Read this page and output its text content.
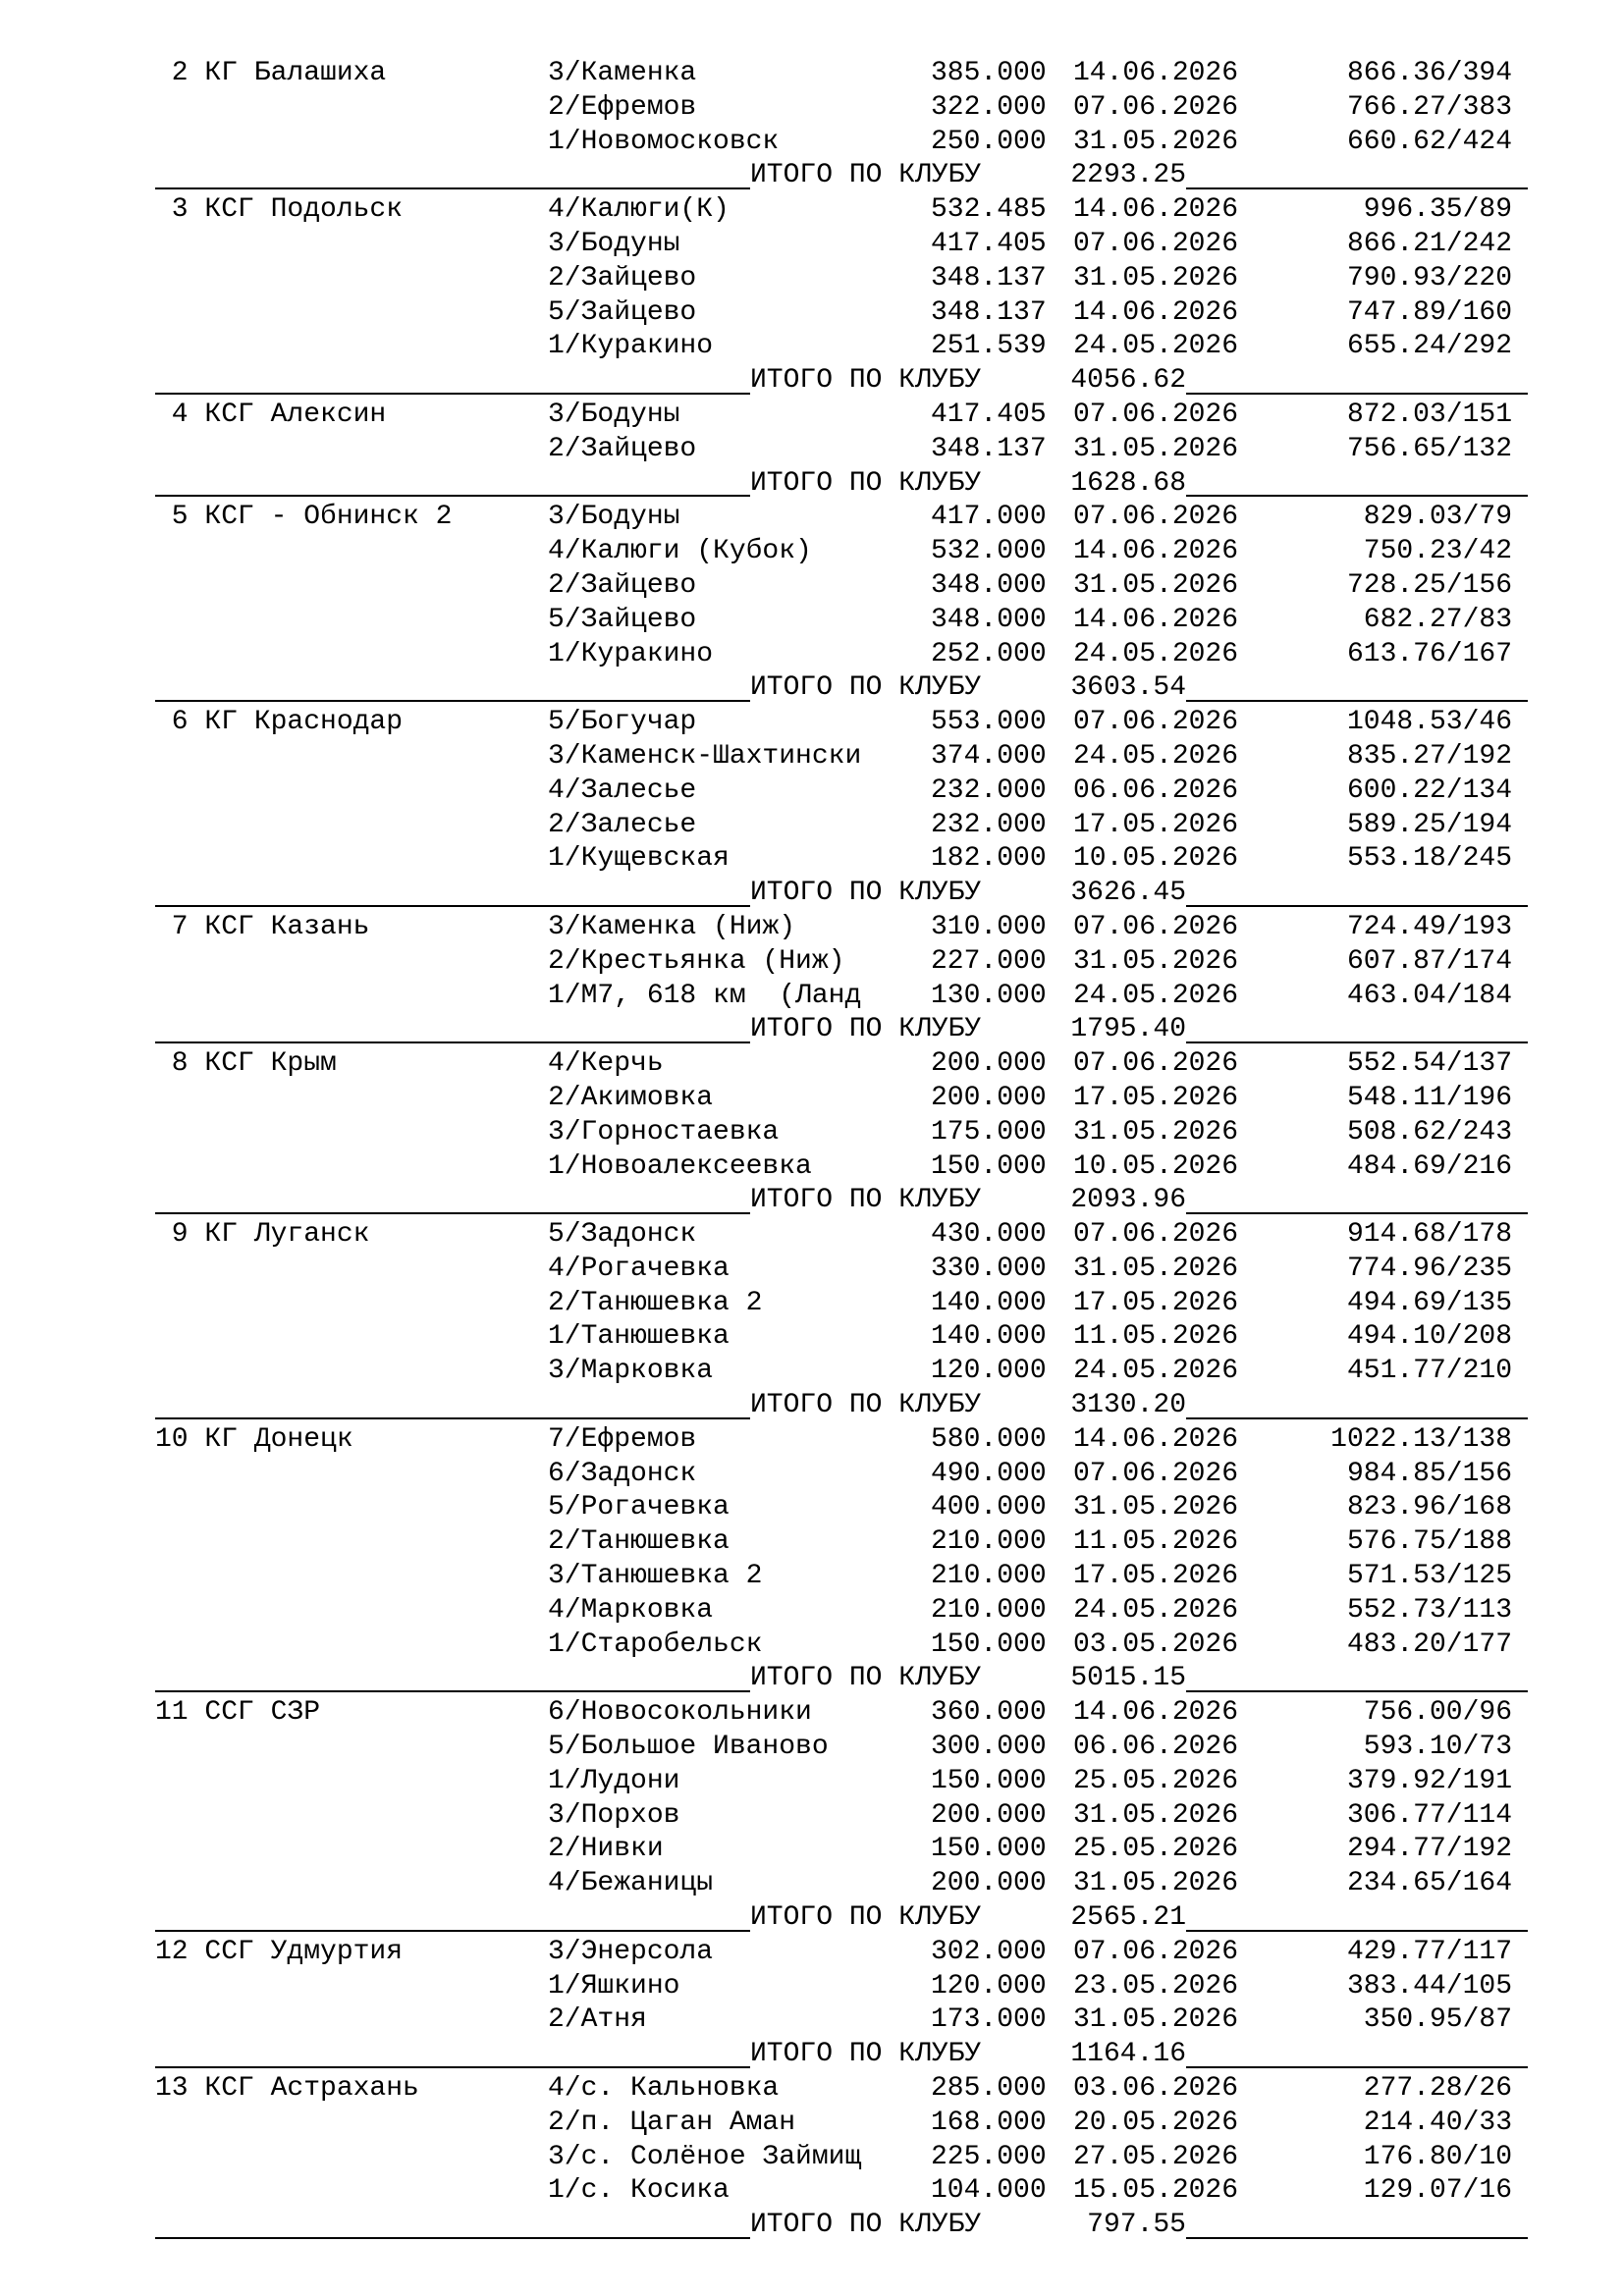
2 КГ Балашиха	3/Каменка	385.000 14.06.2026	866.36/394
2/Ефремов	322.000 07.06.2026	766.27/383
1/Новомосковск	250.000 31.05.2026	660.62/424
ИТОГО ПО КЛУБУ	2293.25
3 КСГ Подольск	4/Калюги(К)	532.485 14.06.2026	996.35/89
3/Бодуны	417.405 07.06.2026	866.21/242
2/Зайцево	348.137 31.05.2026	790.93/220
5/Зайцево	348.137 14.06.2026	747.89/160
1/Куракино	251.539 24.05.2026	655.24/292
ИТОГО ПО КЛУБУ	4056.62
4 КСГ Алексин	3/Бодуны	417.405 07.06.2026	872.03/151
2/Зайцево	348.137 31.05.2026	756.65/132
ИТОГО ПО КЛУБУ	1628.68
5 КСГ - Обнинск 2	3/Бодуны	417.000 07.06.2026	829.03/79
4/Калюги (Кубок)	532.000 14.06.2026	750.23/42
2/Зайцево	348.000 31.05.2026	728.25/156
5/Зайцево	348.000 14.06.2026	682.27/83
1/Куракино	252.000 24.05.2026	613.76/167
ИТОГО ПО КЛУБУ	3603.54
6 КГ Краснодар	5/Богучар	553.000 07.06.2026	1048.53/46
3/Каменск-Шахтински	374.000 24.05.2026	835.27/192
4/Залесье	232.000 06.06.2026	600.22/134
2/Залесье	232.000 17.05.2026	589.25/194
1/Кущевская	182.000 10.05.2026	553.18/245
ИТОГО ПО КЛУБУ	3626.45
7 КСГ Казань	3/Каменка (Ниж)	310.000 07.06.2026	724.49/193
2/Крестьянка (Ниж)	227.000 31.05.2026	607.87/174
1/М7, 618 км  (Ланд	130.000 24.05.2026	463.04/184
ИТОГО ПО КЛУБУ	1795.40
8 КСГ Крым	4/Керчь	200.000 07.06.2026	552.54/137
2/Акимовка	200.000 17.05.2026	548.11/196
3/Горностаевка	175.000 31.05.2026	508.62/243
1/Новоалексеевка	150.000 10.05.2026	484.69/216
ИТОГО ПО КЛУБУ	2093.96
9 КГ Луганск	5/Задонск	430.000 07.06.2026	914.68/178
4/Рогачевка	330.000 31.05.2026	774.96/235
2/Танюшевка 2	140.000 17.05.2026	494.69/135
1/Танюшевка	140.000 11.05.2026	494.10/208
3/Марковка	120.000 24.05.2026	451.77/210
ИТОГО ПО КЛУБУ	3130.20
10 КГ Донецк	7/Ефремов	580.000 14.06.2026	1022.13/138
6/Задонск	490.000 07.06.2026	984.85/156
5/Рогачевка	400.000 31.05.2026	823.96/168
2/Танюшевка	210.000 11.05.2026	576.75/188
3/Танюшевка 2	210.000 17.05.2026	571.53/125
4/Марковка	210.000 24.05.2026	552.73/113
1/Старобельск	150.000 03.05.2026	483.20/177
ИТОГО ПО КЛУБУ	5015.15
11 ССГ СЗР	6/Новосокольники	360.000 14.06.2026	756.00/96
5/Большое Иваново	300.000 06.06.2026	593.10/73
1/Лудони	150.000 25.05.2026	379.92/191
3/Порхов	200.000 31.05.2026	306.77/114
2/Нивки	150.000 25.05.2026	294.77/192
4/Бежаницы	200.000 31.05.2026	234.65/164
ИТОГО ПО КЛУБУ	2565.21
12 ССГ Удмуртия	3/Энерсола	302.000 07.06.2026	429.77/117
1/Яшкино	120.000 23.05.2026	383.44/105
2/Атня	173.000 31.05.2026	350.95/87
ИТОГО ПО КЛУБУ	1164.16
13 КСГ Астрахань	4/с. Кальновка	285.000 03.06.2026	277.28/26
2/п. Цаган Аман	168.000 20.05.2026	214.40/33
3/с. Солёное Займищ	225.000 27.05.2026	176.80/10
1/с. Косика	104.000 15.05.2026	129.07/16
ИТОГО ПО КЛУБУ	797.55
